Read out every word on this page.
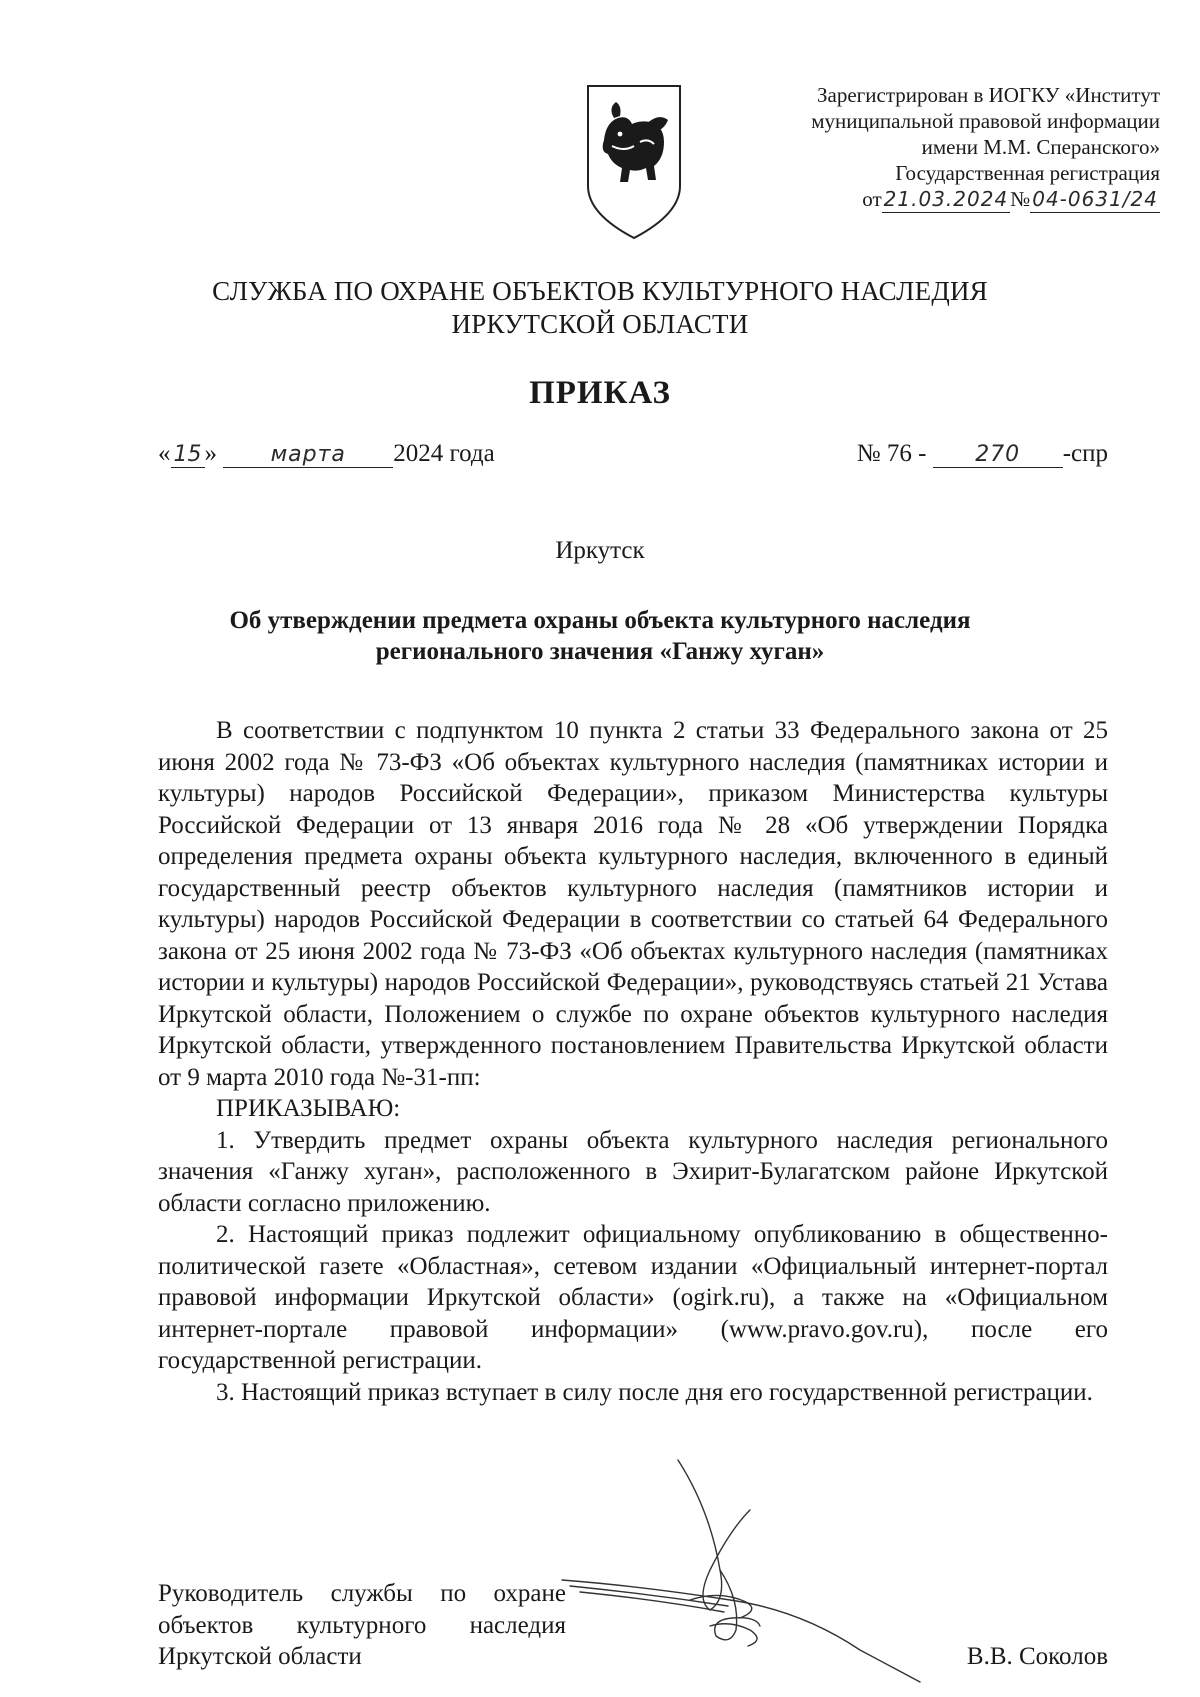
Зарегистрирован в ИОГКУ «Институт
муниципальной правовой информации
имени М.М. Сперанского»
Государственная регистрация
от 21.03.2024№ 04-0631/24
СЛУЖБА ПО ОХРАНЕ ОБЪЕКТОВ КУЛЬТУРНОГО НАСЛЕДИЯ
ИРКУТСКОЙ ОБЛАСТИ
ПРИКАЗ
« 15 » марта 2024 года	№ 76 - 270 -спр
Иркутск
Об утверждении предмета охраны объекта культурного наследия
регионального значения «Ганжу хуган»

В соответствии с подпунктом 10 пункта 2 статьи 33 Федерального закона от 25 июня 2002 года № 73-ФЗ «Об объектах культурного наследия (памятниках истории и культуры) народов Российской Федерации», приказом Министерства культуры Российской Федерации от 13 января 2016 года № 28 «Об утверждении Порядка определения предмета охраны объекта культурного наследия, включенного в единый государственный реестр объектов культурного наследия (памятников истории и культуры) народов Российской Федерации в соответствии со статьей 64 Федерального закона от 25 июня 2002 года № 73-ФЗ «Об объектах культурного наследия (памятниках истории и культуры) народов Российской Федерации», руководствуясь статьей 21 Устава Иркутской области, Положением о службе по охране объектов культурного наследия Иркутской области, утвержденного постановлением Правительства Иркутской области от 9 марта 2010 года №-31-пп:

ПРИКАЗЫВАЮ:

1. Утвердить предмет охраны объекта культурного наследия регионального значения «Ганжу хуган», расположенного в Эхирит-Булагатском районе Иркутской области согласно приложению.

2. Настоящий приказ подлежит официальному опубликованию в общественно-политической газете «Областная», сетевом издании «Официальный интернет-портал правовой информации Иркутской области» (ogirk.ru), а также на «Официальном интернет-портале правовой информации» (www.pravo.gov.ru), после его государственной регистрации.

3. Настоящий приказ вступает в силу после дня его государственной регистрации.

Руководитель службы по охране
объектов культурного наследия
Иркутской области	В.В. Соколов
